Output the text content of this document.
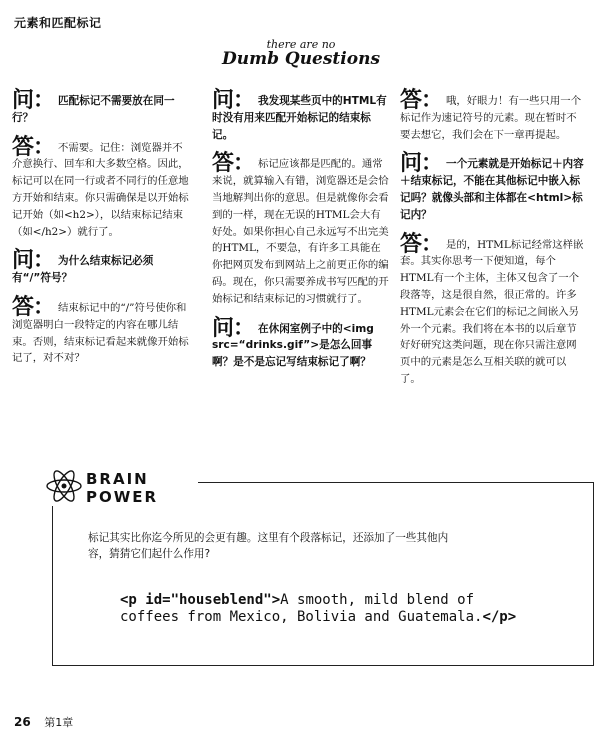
元素和匹配标记
there are no
Dumb Questions

问： 匹配标记不需要放在同一行？

答： 不需要。记住：浏览器并不介意换行、回车和大多数空格。因此，标记可以在同一行或者不同行的任意地方开始和结束。你只需确保是以开始标记开始（如<h2>），以结束标记结束（如</h2>）就行了。

问： 为什么结束标记必须有“/”符号？

答： 结束标记中的“/”符号使你和浏览器明白一段特定的内容在哪儿结束。否则，结束标记看起来就像开始标记了，对不对？

问： 我发现某些页中的HTML有时没有用来匹配开始标记的结束标记。

答： 标记应该都是匹配的。通常来说，就算输入有错，浏览器还是会恰当地解判出你的意思。但是就像你会看到的一样，现在无误的HTML会大有好处。如果你担心自己永远写不出完美的HTML，不要急，有许多工具能在你把网页发布到网站上之前更正你的编码。现在，你只需要养成书写匹配的开始标记和结束标记的习惯就行了。

问： 在休闲室例子中的<img src=“drinks.gif”>是怎么回事啊？是不是忘记写结束标记了啊？

答： 哦，好眼力！有一些只用一个标记作为速记符号的元素。现在暂时不要去想它，我们会在下一章再提起。

问： 一个元素就是开始标记＋内容＋结束标记，不能在其他标记中嵌入标记吗？就像头部和主体都在<html>标记内？

答： 是的，HTML标记经常这样嵌套。其实你思考一下便知道，每个HTML有一个主体，主体又包含了一个段落等，这是很自然，很正常的。许多HTML元素会在它们的标记之间嵌入另外一个元素。我们将在本书的以后章节好好研究这类问题，现在你只需注意网页中的元素是怎么互相关联的就可以了。

BRAIN
POWER
标记其实比你迄今所见的会更有趣。这里有个段落标记，还添加了一些其他内容，猜猜它们起什么作用?
<p id="houseblend">A smooth, mild blend of coffees from Mexico, Bolivia and Guatemala.</p>
26 第1章
